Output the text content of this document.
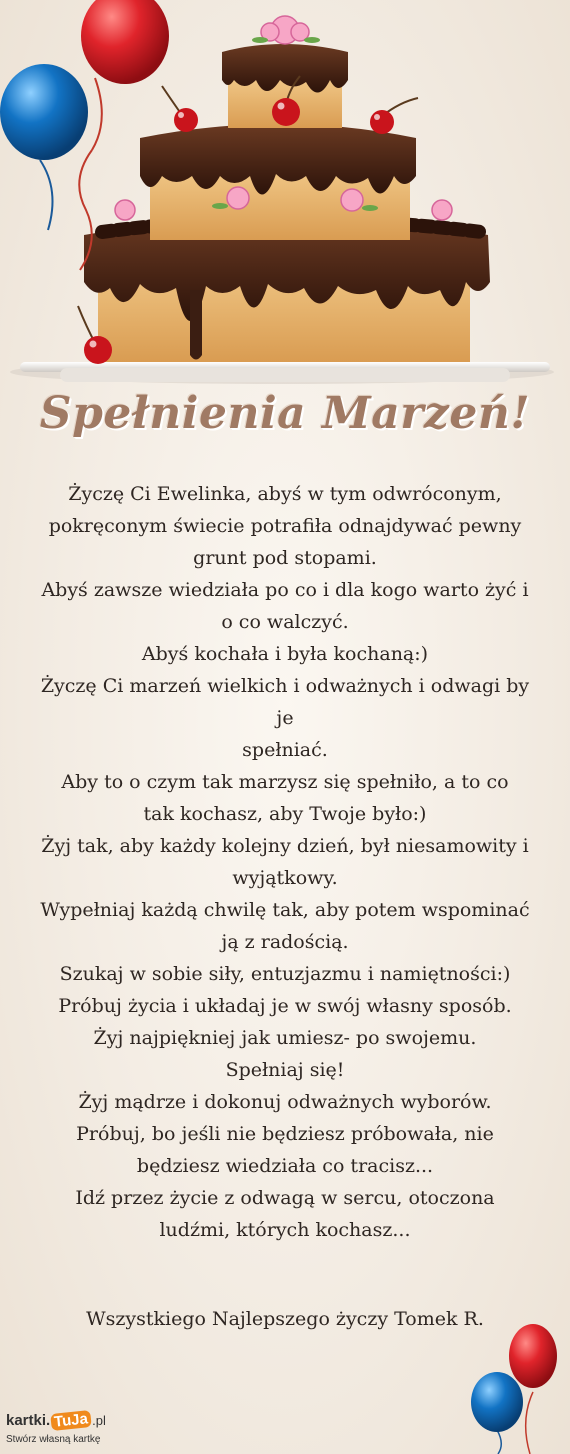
Spełnienia Marzeń!

Życzę Ci Ewelinka, abyś w tym odwróconym,
pokręconym świecie potrafiła odnajdywać pewny
grunt pod stopami.
Abyś zawsze wiedziała po co i dla kogo warto żyć i
o co walczyć.
Abyś kochała i była kochaną:)
Życzę Ci marzeń wielkich i odważnych i odwagi by je
spełniać.
Aby to o czym tak marzysz się spełniło, a to co
tak kochasz, aby Twoje było:)
Żyj tak, aby każdy kolejny dzień, był niesamowity i
wyjątkowy.
Wypełniaj każdą chwilę tak, aby potem wspominać
ją z radością.
Szukaj w sobie siły, entuzjazmu i namiętności:)
Próbuj życia i układaj je w swój własny sposób.
Żyj najpiękniej jak umiesz- po swojemu.
Spełniaj się!
Żyj mądrze i dokonuj odważnych wyborów.
Próbuj, bo jeśli nie będziesz próbowała, nie
będziesz wiedziała co tracisz...
Idź przez życie z odwagą w sercu, otoczona
ludźmi, których kochasz...

Wszystkiego Najlepszego życzy Tomek R.
kartki. TuJa .pl
Stwórz własną kartkę
